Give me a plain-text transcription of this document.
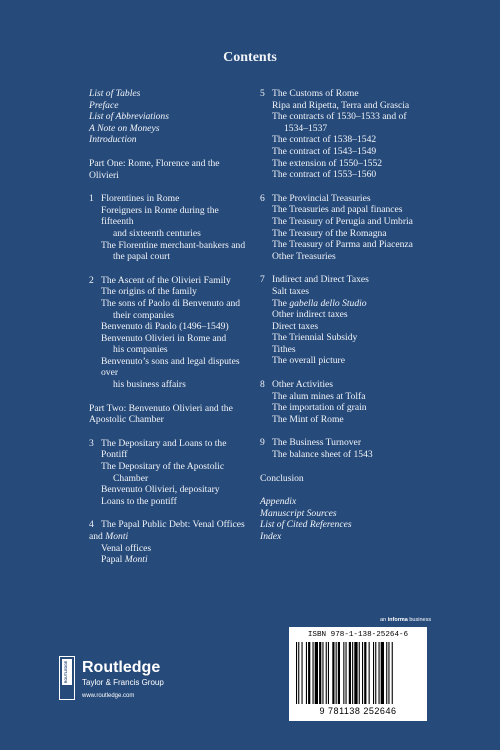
Contents
List of Tables
Preface
List of Abbreviations
A Note on Moneys
Introduction
Part One: Rome, Florence and the Olivieri
1 Florentines in Rome
Foreigners in Rome during the fifteenth
and sixteenth centuries
The Florentine merchant-bankers and
the papal court
2 The Ascent of the Olivieri Family
The origins of the family
The sons of Paolo di Benvenuto and
their companies
Benvenuto di Paolo (1496–1549)
Benvenuto Olivieri in Rome and
his companies
Benvenuto’s sons and legal disputes over
his business affairs
Part Two: Benvenuto Olivieri and the
Apostolic Chamber
3 The Depositary and Loans to the Pontiff
The Depositary of the Apostolic
Chamber
Benvenuto Olivieri, depositary
Loans to the pontiff
4 The Papal Public Debt: Venal Offices
and Monti
Venal offices
Papal Monti
5 The Customs of Rome
Ripa and Ripetta, Terra and Grascia
The contracts of 1530–1533 and of
1534–1537
The contract of 1538–1542
The contract of 1543–1549
The extension of 1550–1552
The contract of 1553–1560
6 The Provincial Treasuries
The Treasuries and papal finances
The Treasury of Perugia and Umbria
The Treasury of the Romagna
The Treasury of Parma and Piacenza
Other Treasuries
7 Indirect and Direct Taxes
Salt taxes
The gabella dello Studio
Other indirect taxes
Direct taxes
The Triennial Subsidy
Tithes
The overall picture
8 Other Activities
The alum mines at Tolfa
The importation of grain
The Mint of Rome
9 The Business Turnover
The balance sheet of 1543
Conclusion
Appendix
Manuscript Sources
List of Cited References
Index
an informa business
ISBN 978-1-138-25264-6
9 781138 252646
ROUTLEDGE Routledge
Taylor & Francis Group
www.routledge.com
